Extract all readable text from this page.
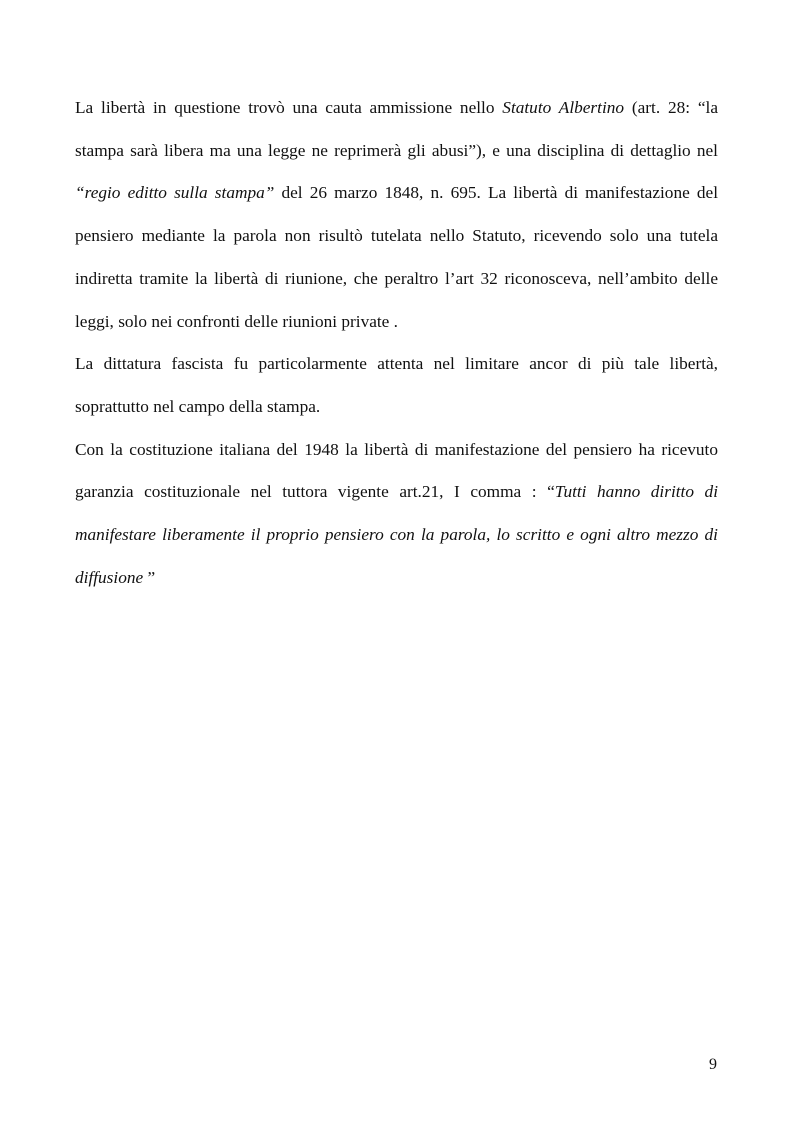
La libertà in questione trovò una cauta ammissione nello Statuto Albertino (art. 28: “la stampa sarà libera ma una legge ne reprimerà gli abusi”), e una disciplina di dettaglio nel “regio editto sulla stampa” del 26 marzo 1848, n. 695. La libertà di manifestazione del pensiero mediante la parola non risultò tutelata nello Statuto, ricevendo solo una tutela indiretta tramite la libertà di riunione, che peraltro l’art 32 riconosceva, nell’ambito delle leggi, solo nei confronti delle riunioni private .

La dittatura fascista fu particolarmente attenta nel limitare ancor di più tale libertà, soprattutto nel campo della stampa.

Con la costituzione italiana del 1948 la libertà di manifestazione del pensiero ha ricevuto garanzia costituzionale nel tuttora vigente art.21, I comma : “Tutti hanno diritto di manifestare liberamente il proprio pensiero con la parola, lo scritto e ogni altro mezzo di diffusione ”

9
